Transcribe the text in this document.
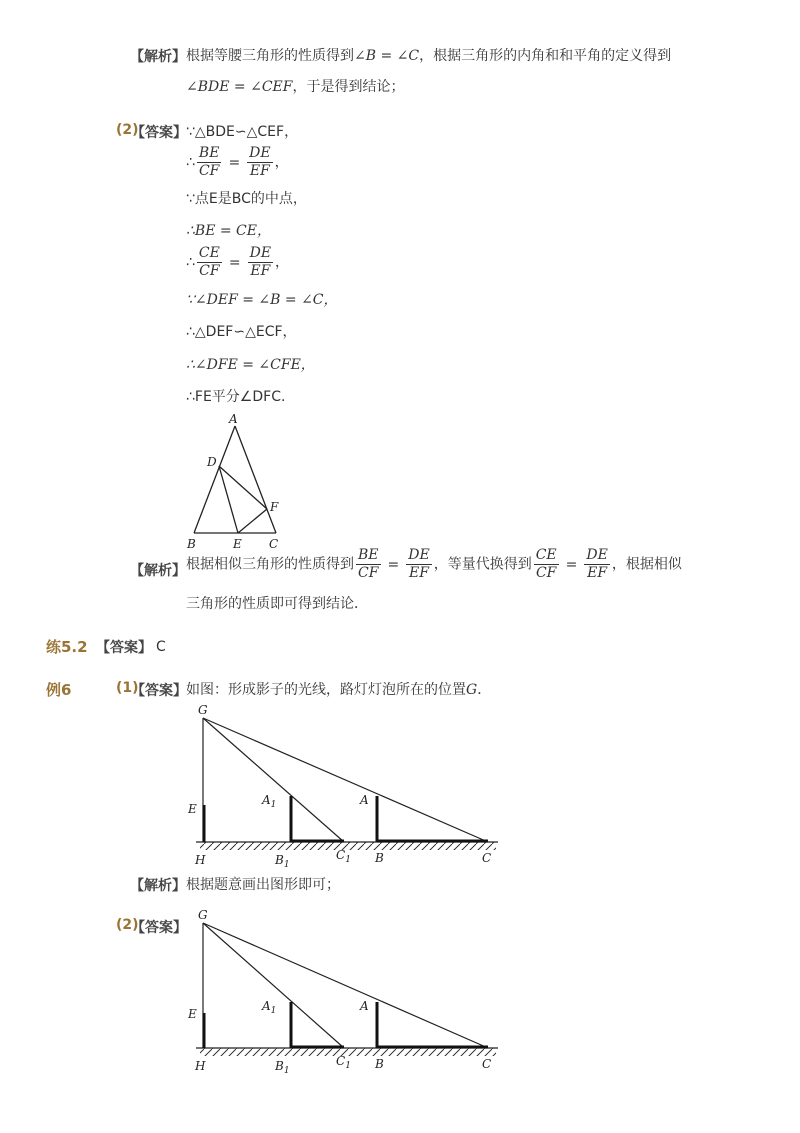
【解析】 根据等腰三角形的性质得到∠B = ∠C，根据三角形的内角和和平角的定义得到
∠BDE = ∠CEF，于是得到结论；
(2)
【答案】 ∵△BDE∽△CEF，
∴ $\frac{BE}{CF} = \frac{DE}{EF}$ ，
∵点E是BC的中点，
∴BE = CE，
∴ $\frac{CE}{CF} = \frac{DE}{EF}$ ，
∵∠DEF = ∠B = ∠C，
∴△DEF∽△ECF，
∴∠DFE = ∠CFE，
∴FE平分∠DFC．
A
D
F
B	E C
【解析】 根据相似三角形的性质得到 $\frac{BE}{CF} = \frac{DE}{EF}$ ，等量代换得到 $\frac{CE}{CF} = \frac{DE}{EF}$ ，根据相似
三角形的性质即可得到结论．
练5.2 【答案】 C
例6	(1)
【答案】 如图：形成影子的光线，路灯灯泡所在的位置G．
G
E
H
$A_1$
$B_1$
$C_1$
A
B	C
【解析】 根据题意画出图形即可；
(2)
【答案】
G
E
H
$A_1$
$B_1$
$C_1$
A
B	C
